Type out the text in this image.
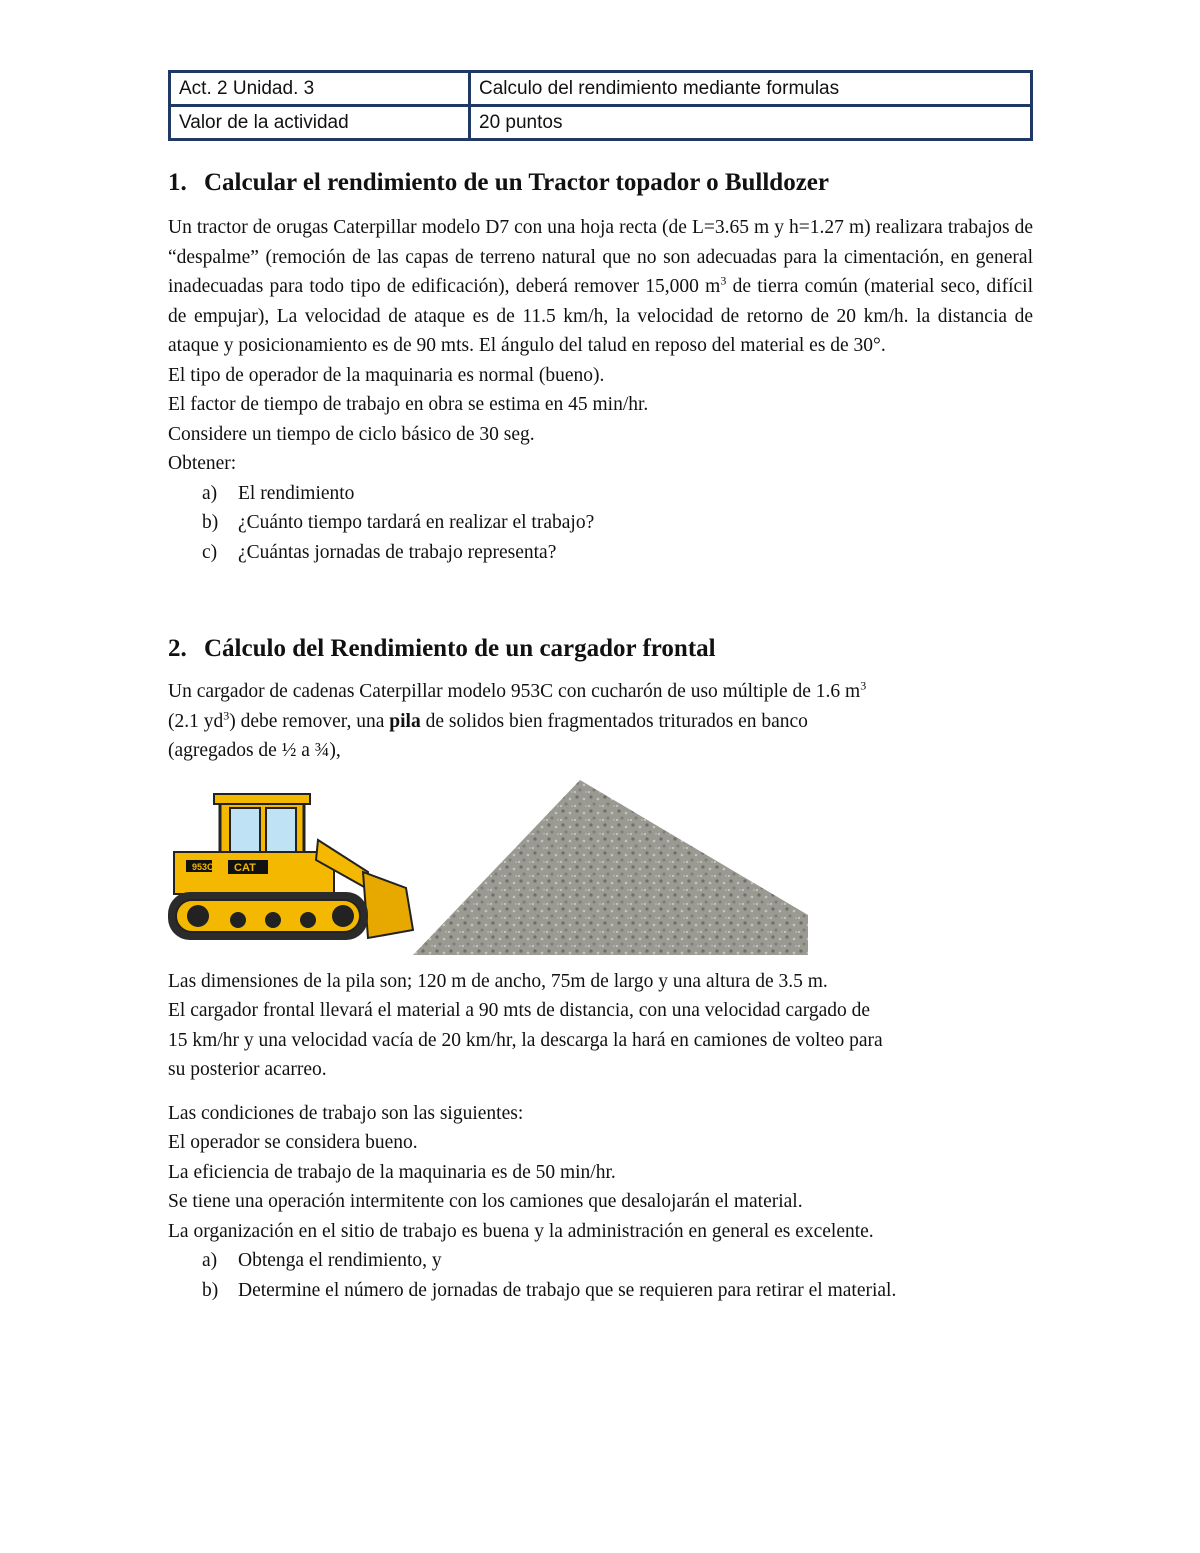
Act. 2 Unidad. 3	Calculo del rendimiento mediante formulas
Valor de la actividad	20 puntos
1. Calcular el rendimiento de un Tractor topador o Bulldozer

Un tractor de orugas Caterpillar modelo D7 con una hoja recta (de L=3.65 m y h=1.27 m) realizara trabajos de “despalme” (remoción de las capas de terreno natural que no son adecuadas para la cimentación, en general inadecuadas para todo tipo de edificación), deberá remover 15,000 $m^3$ de tierra común (material seco, difícil de empujar), La velocidad de ataque es de 11.5 km/h, la velocidad de retorno de 20 km/h. la distancia de ataque y posicionamiento es de 90 mts. El ángulo del talud en reposo del material es de 30°.

El tipo de operador de la maquinaria es normal (bueno).
El factor de tiempo de trabajo en obra se estima en 45 min/hr.
Considere un tiempo de ciclo básico de 30 seg.
Obtener:

a) El rendimiento
b) ¿Cuánto tiempo tardará en realizar el trabajo?
c) ¿Cuántas jornadas de trabajo representa?
2. Cálculo del Rendimiento de un cargador frontal

Un cargador de cadenas Caterpillar modelo 953C con cucharón de uso múltiple de 1.6 $m^3$
(2.1 $yd^3$) debe remover, una pila de solidos bien fragmentados triturados en banco
(agregados de ½ a ¾),

953C CAT

Las dimensiones de la pila son; 120 m de ancho, 75m de largo y una altura de 3.5 m.
El cargador frontal llevará el material a 90 mts de distancia, con una velocidad cargado de
15 km/hr y una velocidad vacía de 20 km/hr, la descarga la hará en camiones de volteo para
su posterior acarreo.

Las condiciones de trabajo son las siguientes:
El operador se considera bueno.
La eficiencia de trabajo de la maquinaria es de 50 min/hr.
Se tiene una operación intermitente con los camiones que desalojarán el material.
La organización en el sitio de trabajo es buena y la administración en general es excelente.

a) Obtenga el rendimiento, y
b) Determine el número de jornadas de trabajo que se requieren para retirar el material.
